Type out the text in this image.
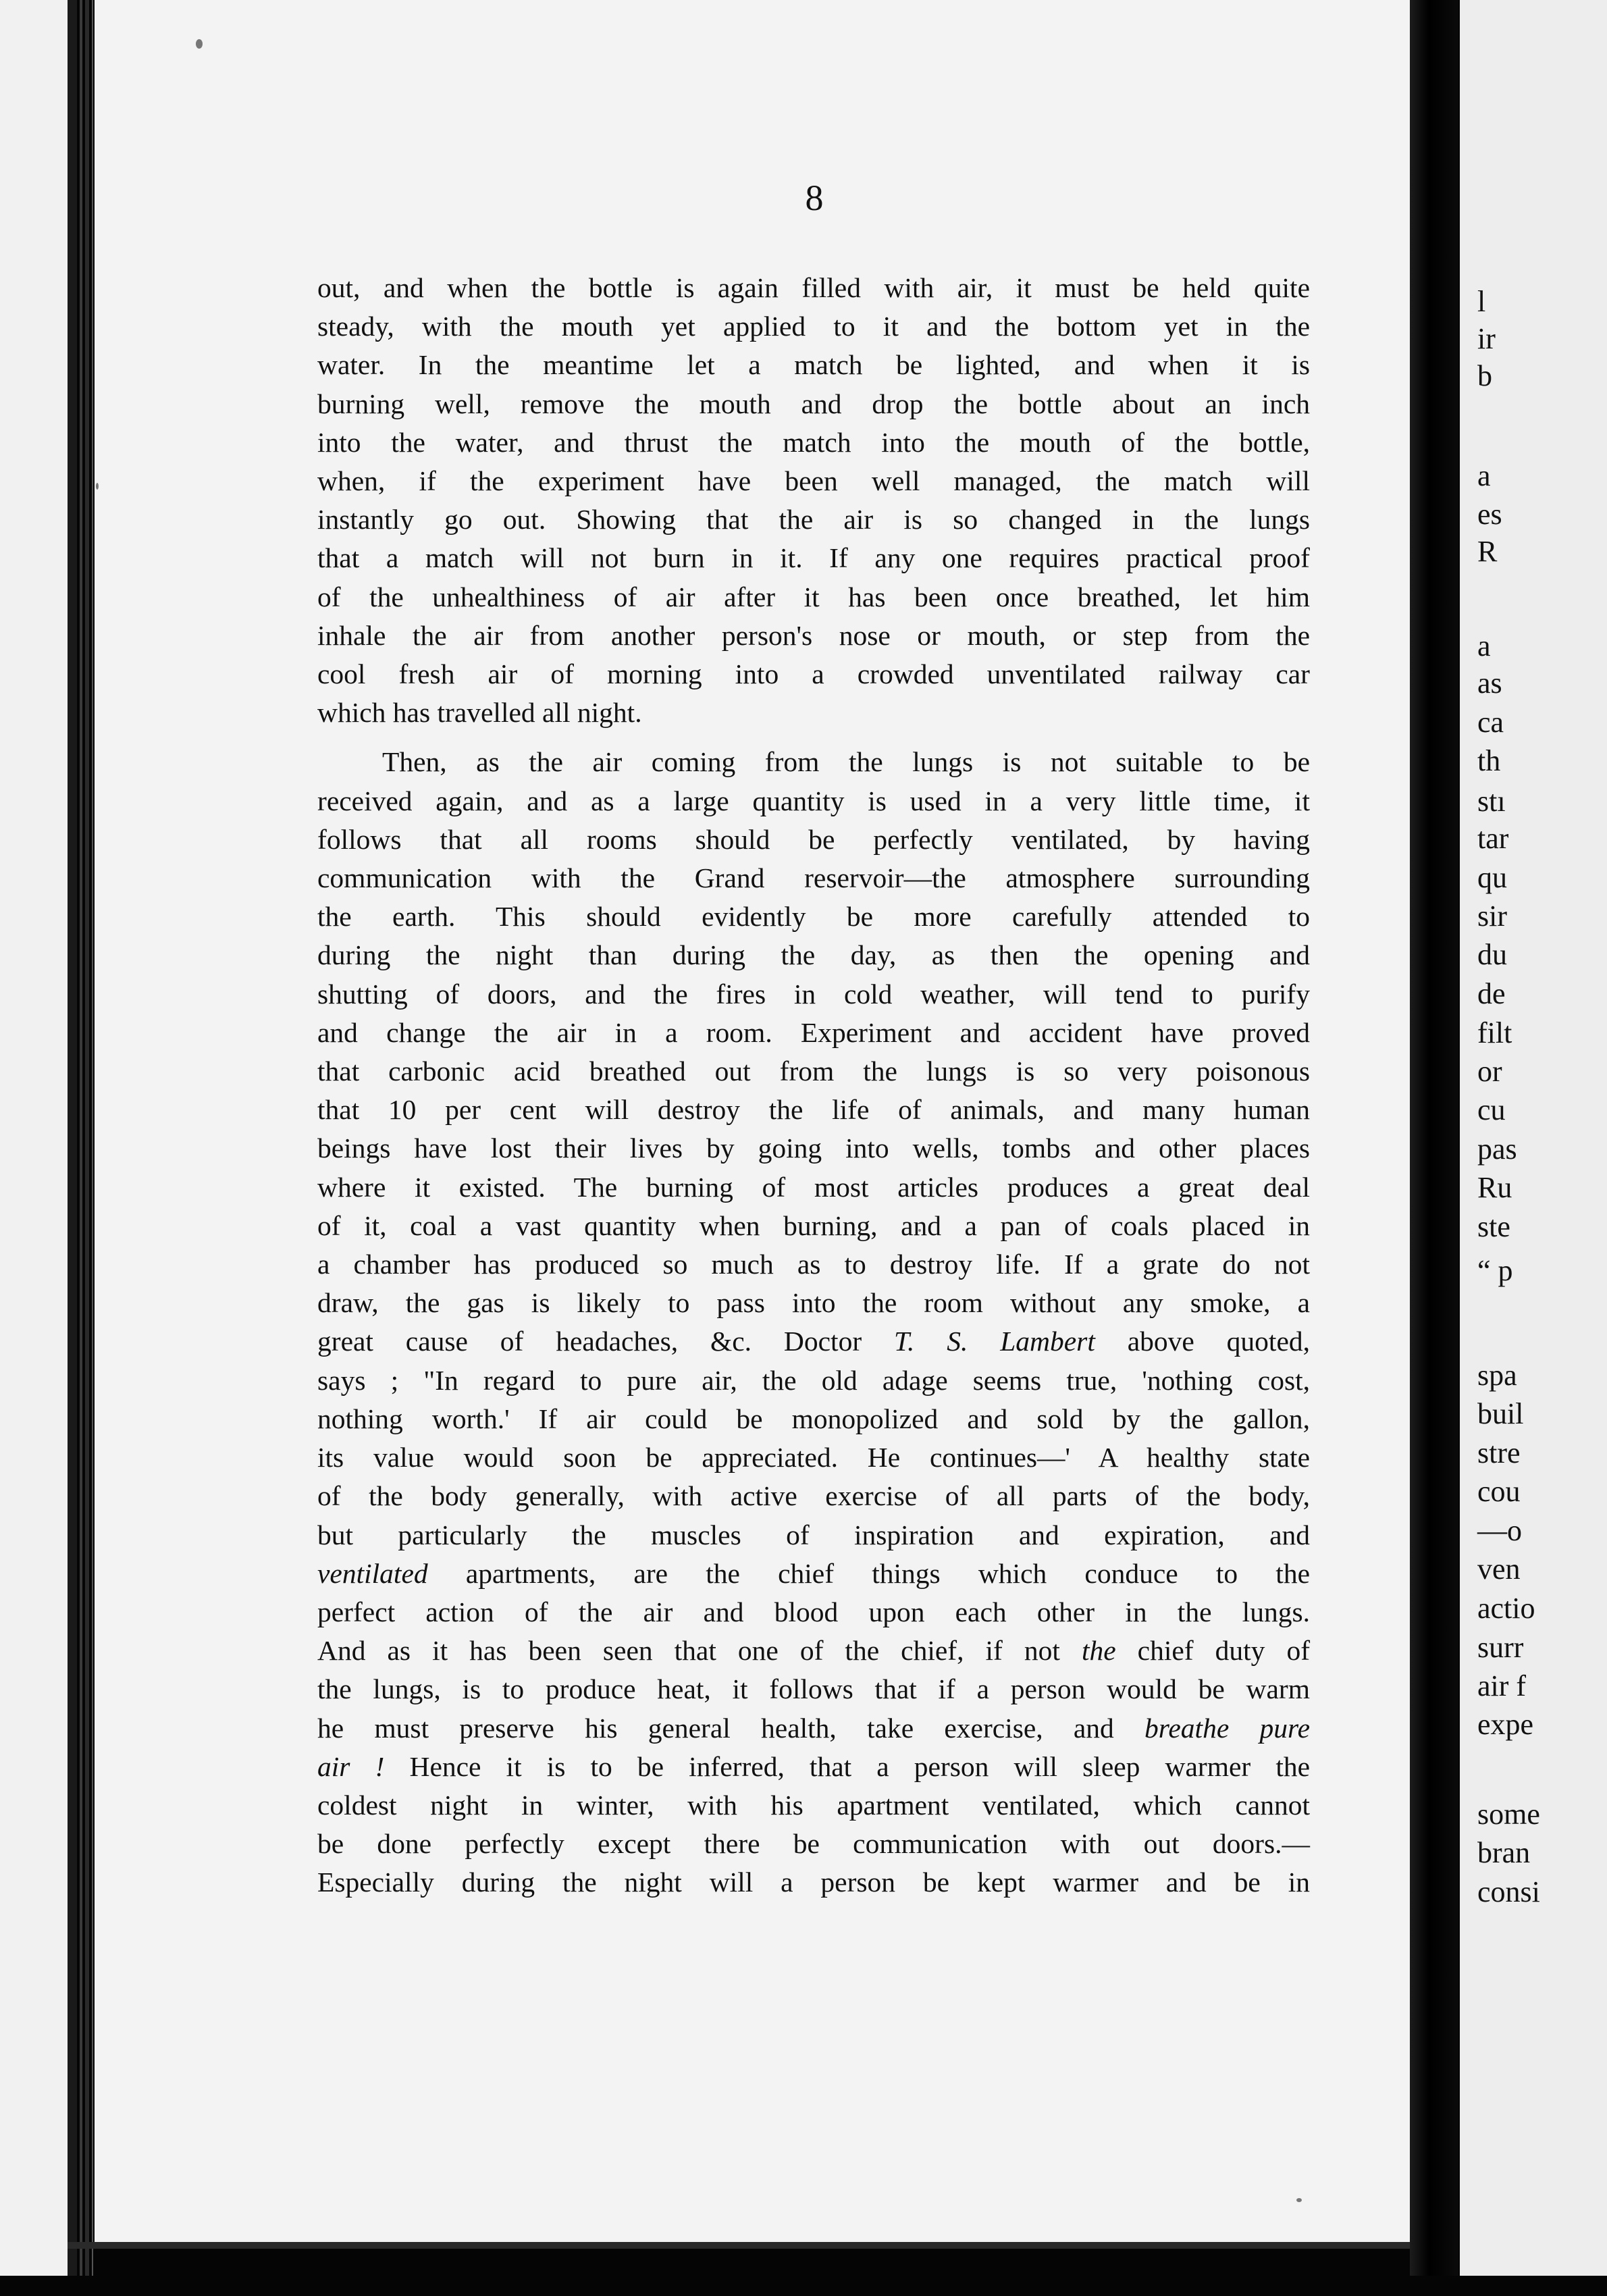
l
ir
b
a
es
R
a
as
ca
th
stı
tar
qu
sir
du
de
filt
or
cu
pas
Ru
ste
“ p
spa
buil
stre
cou
—o
ven
actio
surr
air f
expe
some
bran
consi
8
out, and when the bottle is again filled with air, it must be held quite
steady, with the mouth yet applied to it and the bottom yet in the
water. In the meantime let a match be lighted, and when it is
burning well, remove the mouth and drop the bottle about an inch
into the water, and thrust the match into the mouth of the bottle,
when, if the experiment have been well managed, the match will
instantly go out. Showing that the air is so changed in the lungs
that a match will not burn in it. If any one requires practical proof
of the unhealthiness of air after it has been once breathed, let him
inhale the air from another person's nose or mouth, or step from the
cool fresh air of morning into a crowded unventilated railway car
which has travelled all night.
Then, as the air coming from the lungs is not suitable to be
received again, and as a large quantity is used in a very little time, it
follows that all rooms should be perfectly ventilated, by having
communication with the Grand reservoir—the atmosphere surrounding
the earth. This should evidently be more carefully attended to
during the night than during the day, as then the opening and
shutting of doors, and the fires in cold weather, will tend to purify
and change the air in a room. Experiment and accident have proved
that carbonic acid breathed out from the lungs is so very poisonous
that 10 per cent will destroy the life of animals, and many human
beings have lost their lives by going into wells, tombs and other places
where it existed. The burning of most articles produces a great deal
of it, coal a vast quantity when burning, and a pan of coals placed in
a chamber has produced so much as to destroy life. If a grate do not
draw, the gas is likely to pass into the room without any smoke, a
great cause of headaches, &c. Doctor T. S. Lambert above quoted,
says ; "In regard to pure air, the old adage seems true, 'nothing cost,
nothing worth.' If air could be monopolized and sold by the gallon,
its value would soon be appreciated. He continues—' A healthy state
of the body generally, with active exercise of all parts of the body,
but particularly the muscles of inspiration and expiration, and
ventilated apartments, are the chief things which conduce to the
perfect action of the air and blood upon each other in the lungs.
And as it has been seen that one of the chief, if not the chief duty of
the lungs, is to produce heat, it follows that if a person would be warm
he must preserve his general health, take exercise, and breathe pure
air ! Hence it is to be inferred, that a person will sleep warmer the
coldest night in winter, with his apartment ventilated, which cannot
be done perfectly except there be communication with out doors.—
Especially during the night will a person be kept warmer and be in
